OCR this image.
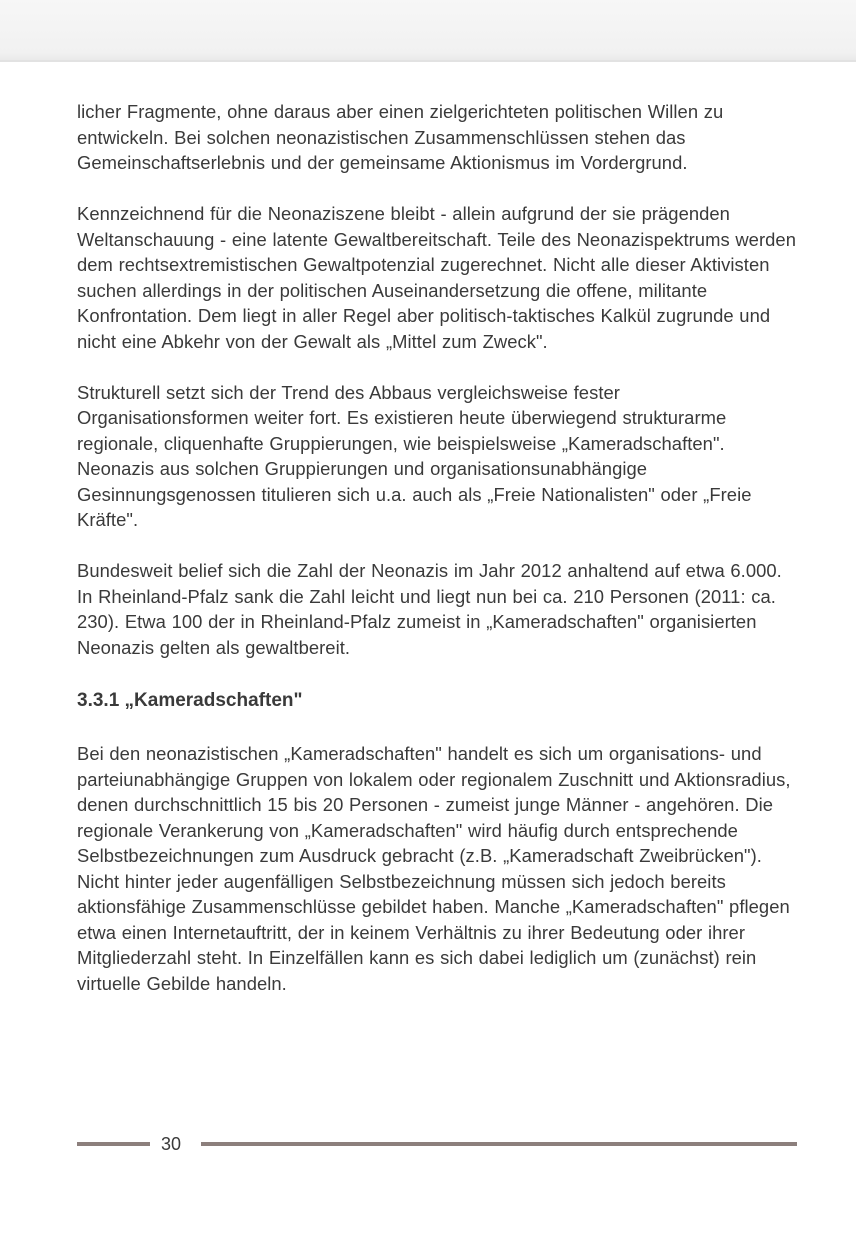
licher Fragmente, ohne daraus aber einen zielgerichteten politischen Willen zu entwickeln. Bei solchen neonazistischen Zusammenschlüssen stehen das Gemeinschaftserlebnis und der gemeinsame Aktionismus im Vordergrund.

Kennzeichnend für die Neonaziszene bleibt - allein aufgrund der sie prägenden Weltanschauung - eine latente Gewaltbereitschaft. Teile des Neonazispektrums werden dem rechtsextremistischen Gewaltpotenzial zugerechnet. Nicht alle dieser Aktivisten suchen allerdings in der politischen Auseinandersetzung die offene, militante Konfrontation. Dem liegt in aller Regel aber politisch-taktisches Kalkül zugrunde und nicht eine Abkehr von der Gewalt als „Mittel zum Zweck".

Strukturell setzt sich der Trend des Abbaus vergleichsweise fester Organisationsformen weiter fort. Es existieren heute überwiegend strukturarme regionale, cliquenhafte Gruppierungen, wie beispielsweise „Kameradschaften". Neonazis aus solchen Gruppierungen und organisationsunabhängige Gesinnungsgenossen titulieren sich u.a. auch als „Freie Nationalisten" oder „Freie Kräfte".

Bundesweit belief sich die Zahl der Neonazis im Jahr 2012 anhaltend auf etwa 6.000. In Rheinland-Pfalz sank die Zahl leicht und liegt nun bei ca. 210 Personen (2011: ca. 230). Etwa 100 der in Rheinland-Pfalz zumeist in „Kameradschaften" organisierten Neonazis gelten als gewaltbereit.

3.3.1 „Kameradschaften"

Bei den neonazistischen „Kameradschaften" handelt es sich um organisations- und parteiunabhängige Gruppen von lokalem oder regionalem Zuschnitt und Aktionsradius, denen durchschnittlich 15 bis 20 Personen - zumeist junge Männer - angehören. Die regionale Verankerung von „Kameradschaften" wird häufig durch entsprechende Selbstbezeichnungen zum Ausdruck gebracht (z.B. „Kameradschaft Zweibrücken"). Nicht hinter jeder augenfälligen Selbstbezeichnung müssen sich jedoch bereits aktionsfähige Zusammenschlüsse gebildet haben. Manche „Kameradschaften" pflegen etwa einen Internetauftritt, der in keinem Verhältnis zu ihrer Bedeutung oder ihrer Mitgliederzahl steht. In Einzelfällen kann es sich dabei lediglich um (zunächst) rein virtuelle Gebilde handeln.

30
